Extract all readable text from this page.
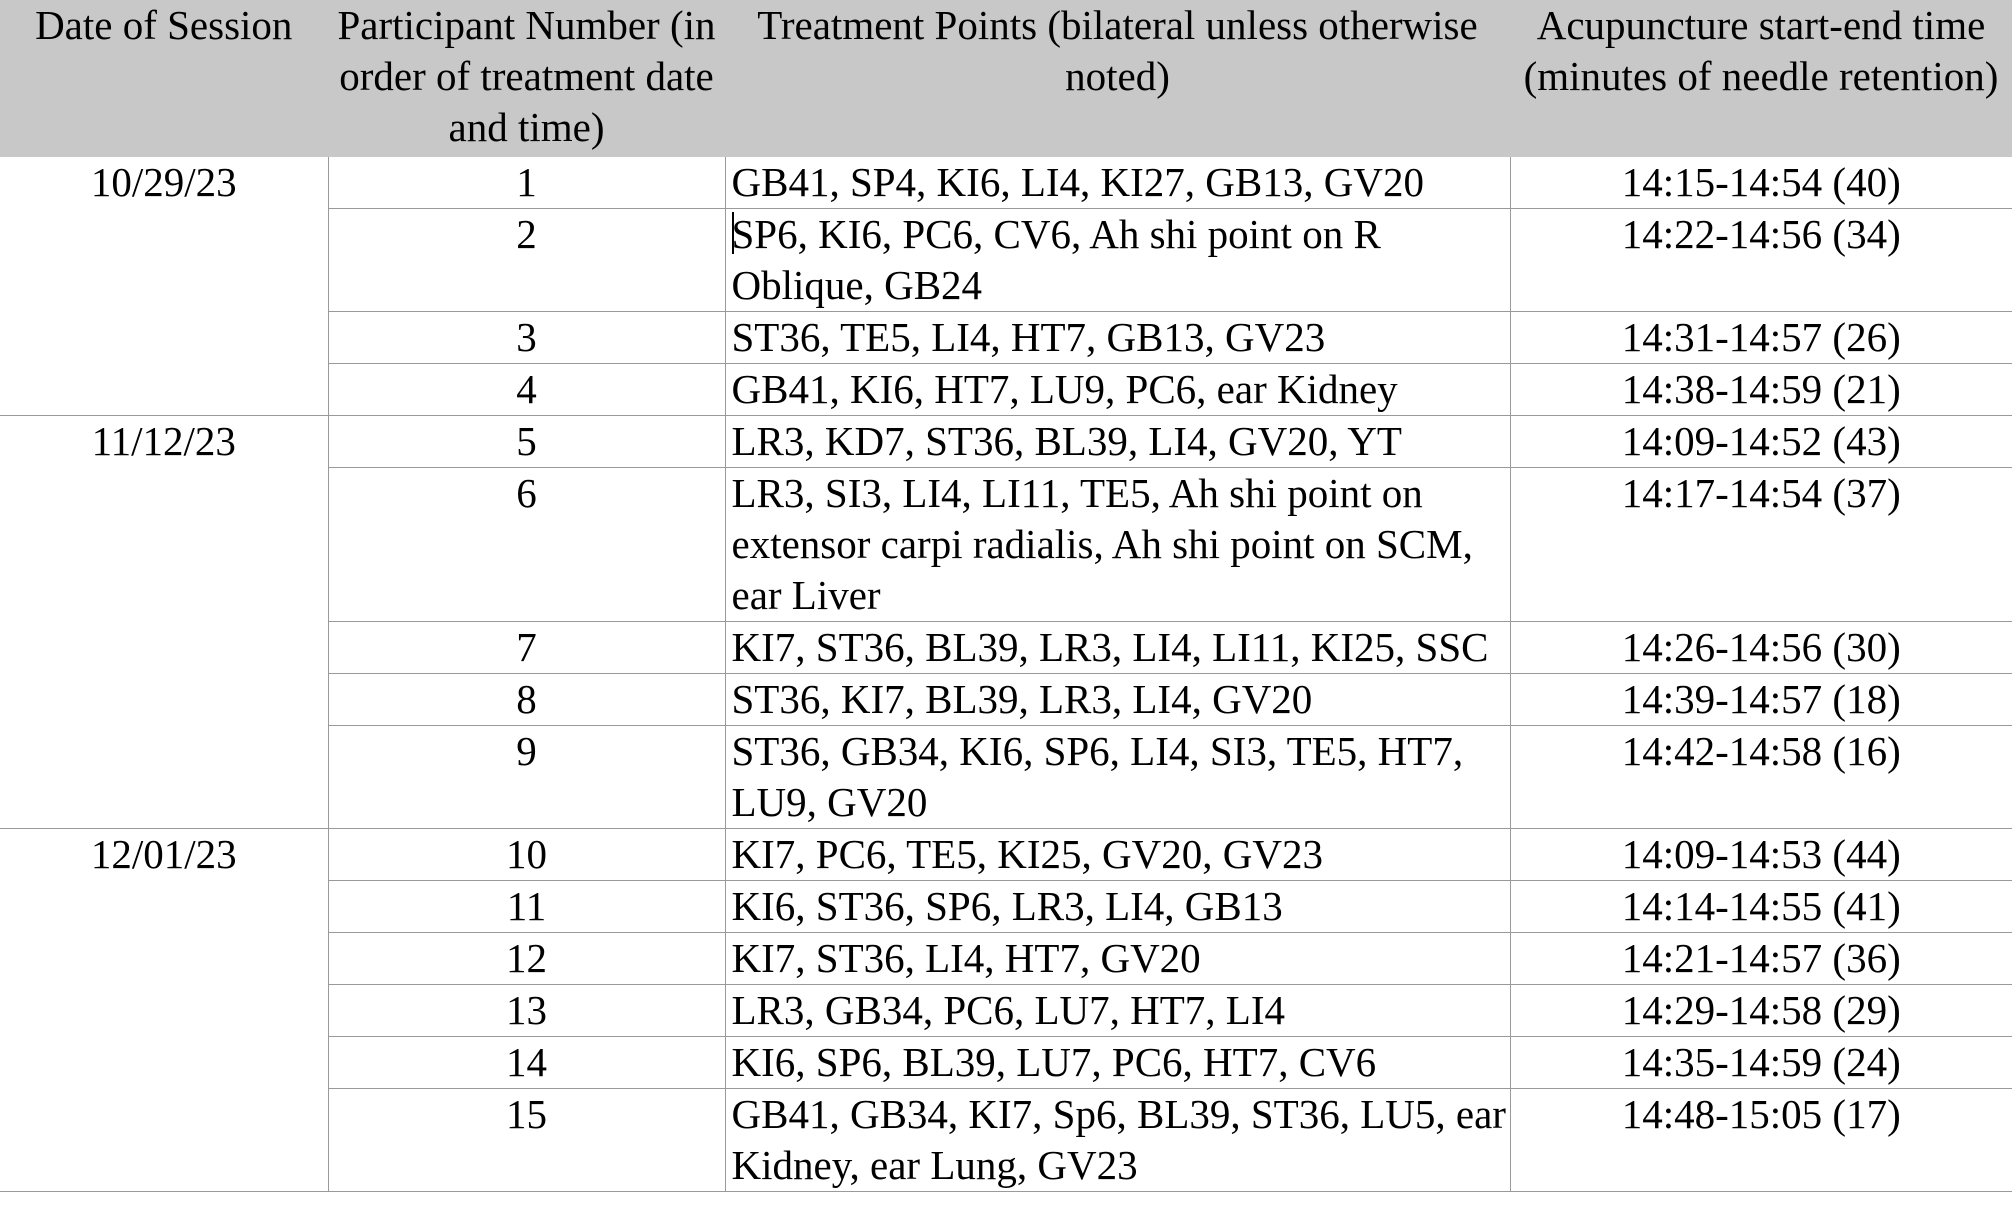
Date of Session	Participant Number (in order of treatment date and time)	Treatment Points (bilateral unless otherwise noted)	Acupuncture start-end time (minutes of needle retention)
10/29/23	1	GB41, SP4, KI6, LI4, KI27, GB13, GV20	14:15-14:54 (40)
	2	SP6, KI6, PC6, CV6, Ah shi point on R Oblique, GB24	14:22-14:56 (34)
	3	ST36, TE5, LI4, HT7, GB13, GV23	14:31-14:57 (26)
	4	GB41, KI6, HT7, LU9, PC6, ear Kidney	14:38-14:59 (21)
11/12/23	5	LR3, KD7, ST36, BL39, LI4, GV20, YT	14:09-14:52 (43)
	6	LR3, SI3, LI4, LI11, TE5, Ah shi point on extensor carpi radialis, Ah shi point on SCM, ear Liver	14:17-14:54 (37)
	7	KI7, ST36, BL39, LR3, LI4, LI11, KI25, SSC	14:26-14:56 (30)
	8	ST36, KI7, BL39, LR3, LI4, GV20	14:39-14:57 (18)
	9	ST36, GB34, KI6, SP6, LI4, SI3, TE5, HT7, LU9, GV20	14:42-14:58 (16)
12/01/23	10	KI7, PC6, TE5, KI25, GV20, GV23	14:09-14:53 (44)
	11	KI6, ST36, SP6, LR3, LI4, GB13	14:14-14:55 (41)
	12	KI7, ST36, LI4, HT7, GV20	14:21-14:57 (36)
	13	LR3, GB34, PC6, LU7, HT7, LI4	14:29-14:58 (29)
	14	KI6, SP6, BL39, LU7, PC6, HT7, CV6	14:35-14:59 (24)
	15	GB41, GB34, KI7, Sp6, BL39, ST36, LU5, ear Kidney, ear Lung, GV23	14:48-15:05 (17)
